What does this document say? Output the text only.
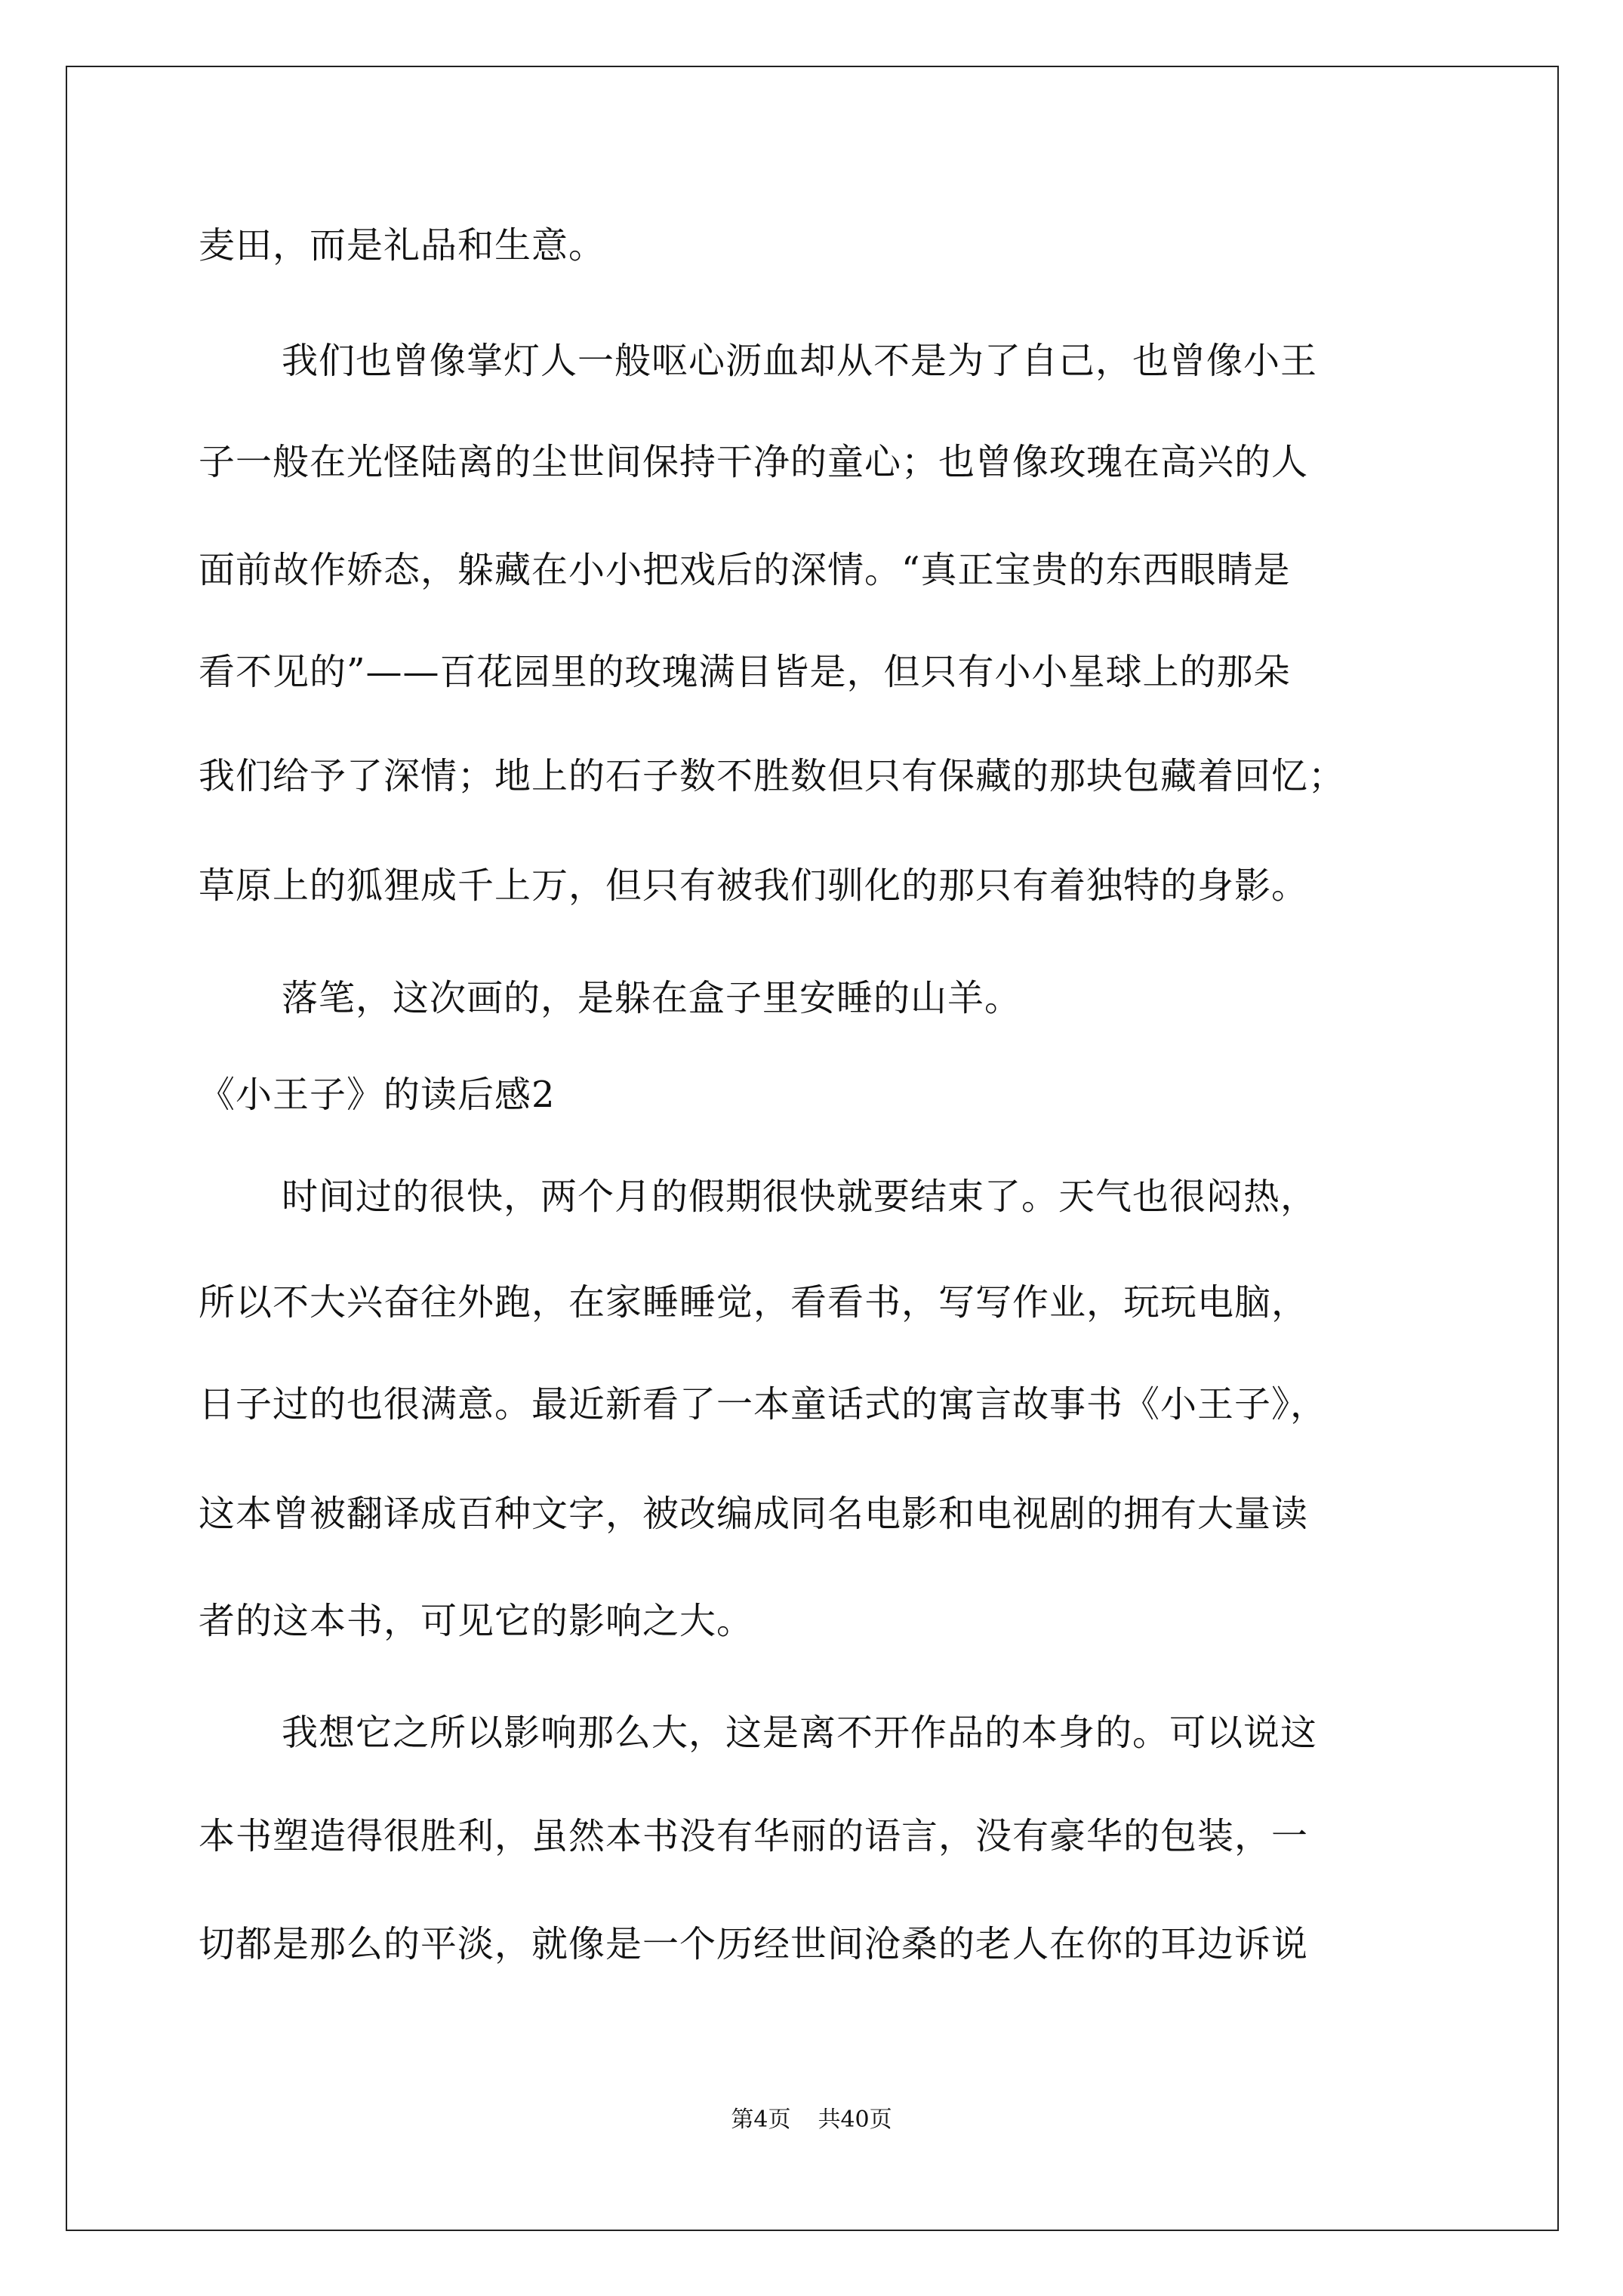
麦田，而是礼品和生意。
我们也曾像掌灯人一般呕心沥血却从不是为了自己，也曾像小王
子一般在光怪陆离的尘世间保持干净的童心；也曾像玫瑰在高兴的人
面前故作娇态，躲藏在小小把戏后的深情。“真正宝贵的东西眼睛是
看不见的”——百花园里的玫瑰满目皆是，但只有小小星球上的那朵
我们给予了深情；地上的石子数不胜数但只有保藏的那块包藏着回忆；
草原上的狐狸成千上万，但只有被我们驯化的那只有着独特的身影。
落笔，这次画的，是躲在盒子里安睡的山羊。
《小王子》的读后感2
时间过的很快，两个月的假期很快就要结束了。天气也很闷热，
所以不大兴奋往外跑，在家睡睡觉，看看书，写写作业，玩玩电脑，
日子过的也很满意。最近新看了一本童话式的寓言故事书《小王子》，
这本曾被翻译成百种文字，被改编成同名电影和电视剧的拥有大量读
者的这本书，可见它的影响之大。
我想它之所以影响那么大，这是离不开作品的本身的。可以说这
本书塑造得很胜利，虽然本书没有华丽的语言，没有豪华的包装，一
切都是那么的平淡，就像是一个历经世间沧桑的老人在你的耳边诉说
第4页 共40页
